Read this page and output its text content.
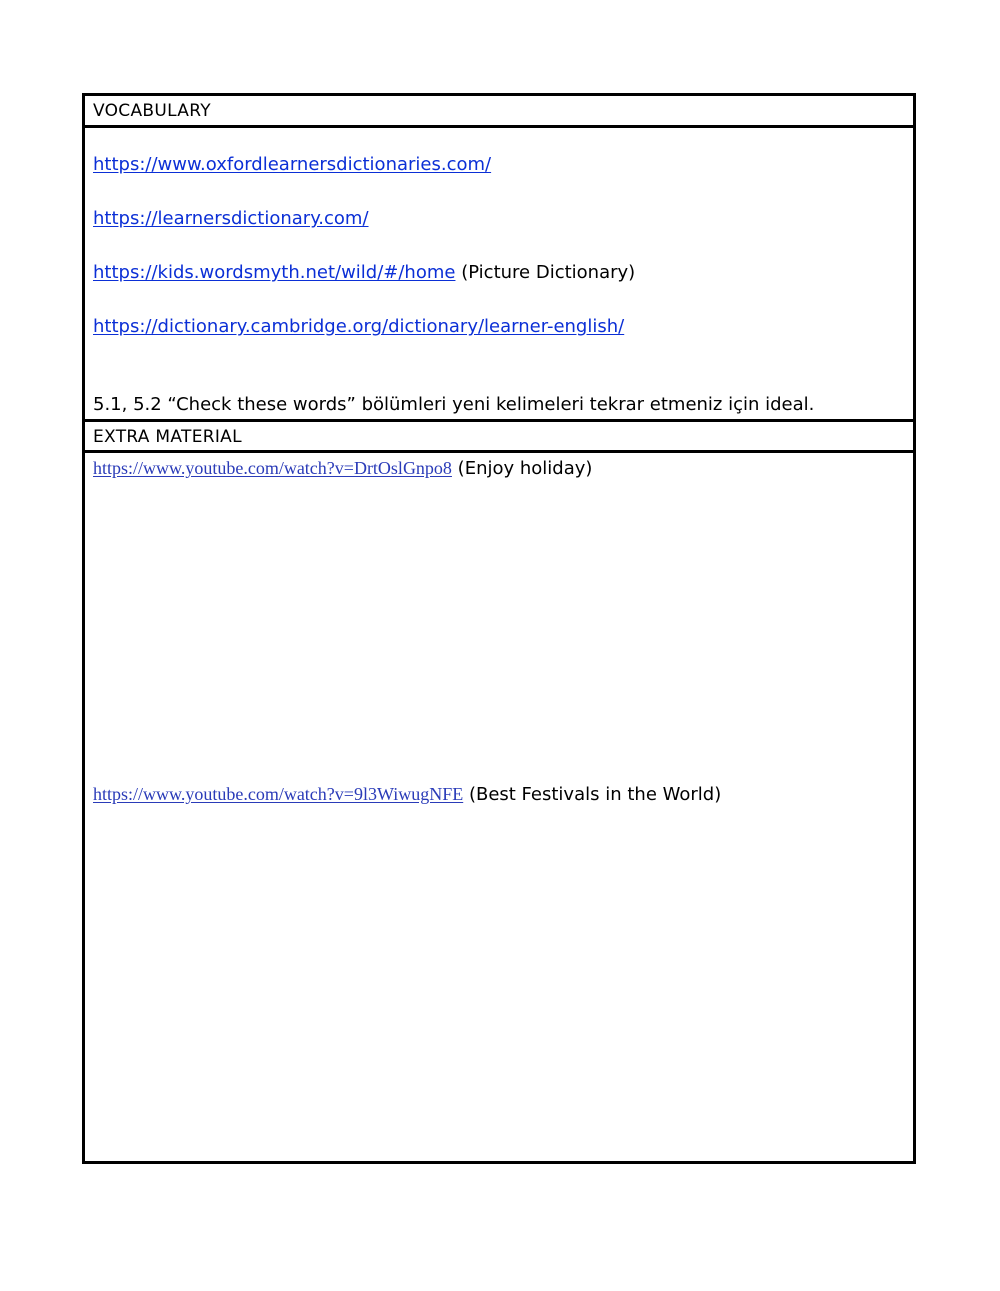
VOCABULARY
https://www.oxfordlearnersdictionaries.com/
https://learnersdictionary.com/
https://kids.wordsmyth.net/wild/#/home (Picture Dictionary)
https://dictionary.cambridge.org/dictionary/learner-english/
5.1, 5.2 “Check these words” bölümleri yeni kelimeleri tekrar etmeniz için ideal.
EXTRA MATERIAL
https://www.youtube.com/watch?v=DrtOslGnpo8 (Enjoy holiday)
https://www.youtube.com/watch?v=9l3WiwugNFE (Best Festivals in the World)
